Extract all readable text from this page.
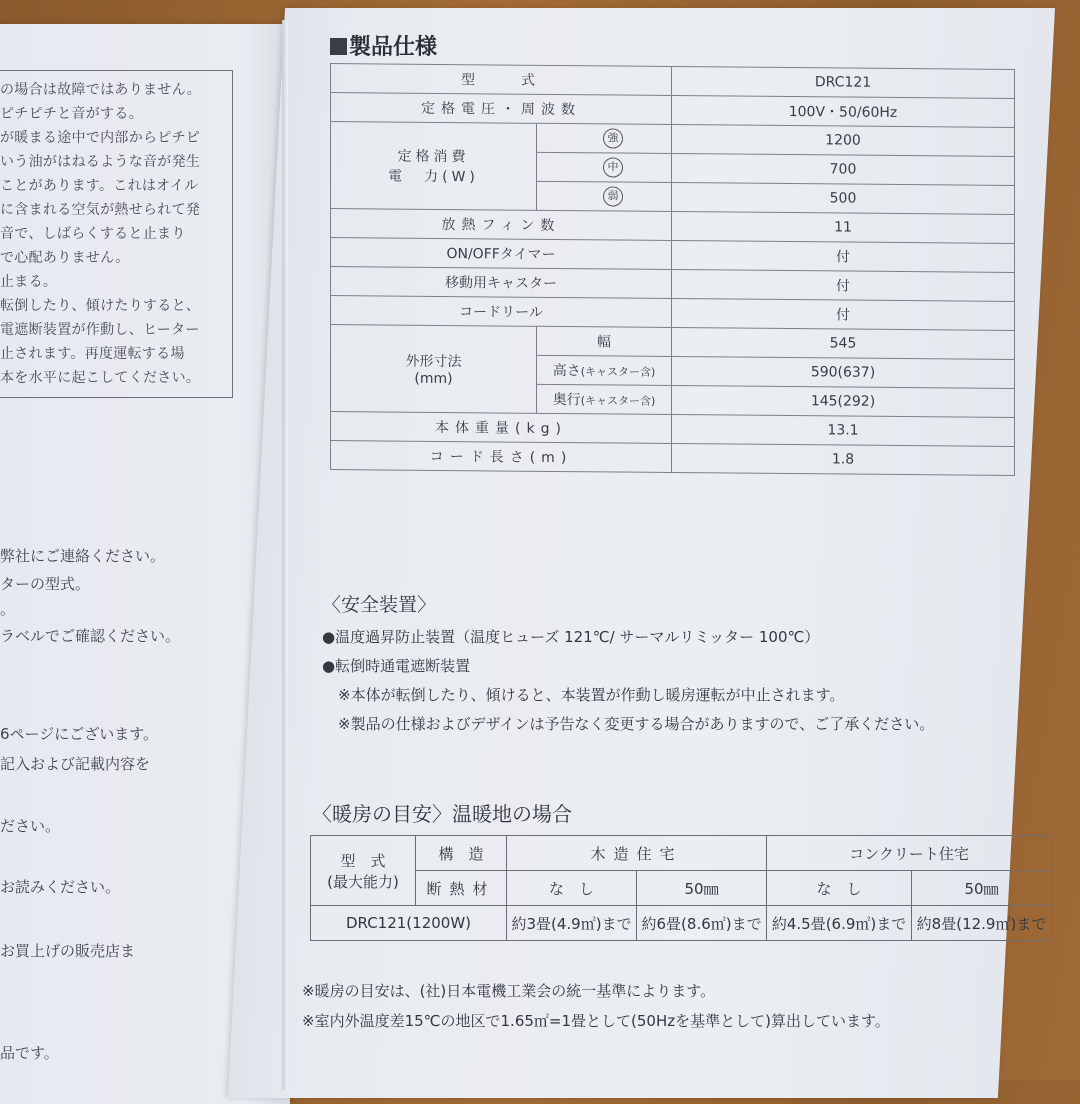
の場合は故障ではありません。
ピチピチと音がする。
が暖まる途中で内部からピチピ
いう油がはねるような音が発生
ことがあります。これはオイル
に含まれる空気が熱せられて発
音で、しばらくすると止まり
で心配ありません。
止まる。
転倒したり、傾けたりすると、
電遮断装置が作動し、ヒーター
止されます。再度運転する場
本を水平に起こしてください。
弊社にご連絡ください。
ターの型式。
。
ラベルでご確認ください。
6ページにございます。
記入および記載内容を
ださい。
お読みください。
お買上げの販売店ま
品です。
製品仕様
型　　式		DRC121
定格電圧・周波数		100V・50/60Hz

定格消費
電　力(W)	強	1200
	中	700
	弱	500
放熱フィン数		11
ON/OFFタイマー		付
移動用キャスター		付
コードリール		付

外形寸法
(mm)	幅	545
	高さ(キャスター含)	590(637)
	奥行(キャスター含)	145(292)
本体重量(kg)		13.1
コード長さ(m)		1.8
〈安全装置〉
●温度過昇防止装置（温度ヒューズ 121℃/ サーマルリミッター 100℃）
●転倒時通電遮断装置
※本体が転倒したり、傾けると、本装置が作動し暖房運転が中止されます。
※製品の仕様およびデザインは予告なく変更する場合がありますので、ご了承ください。
〈暖房の目安〉温暖地の場合
型　式
(最大能力)	構　造	木造住宅		コンクリート住宅	
	断熱材	な　し	50㎜	な　し	50㎜
DRC121(1200W)		約3畳(4.9㎡)まで	約6畳(8.6㎡)まで	約4.5畳(6.9㎡)まで	約8畳(12.9㎡)まで
※暖房の目安は、(社)日本電機工業会の統一基準によります。
※室内外温度差15℃の地区で1.65㎡=1畳として(50Hzを基準として)算出しています。
